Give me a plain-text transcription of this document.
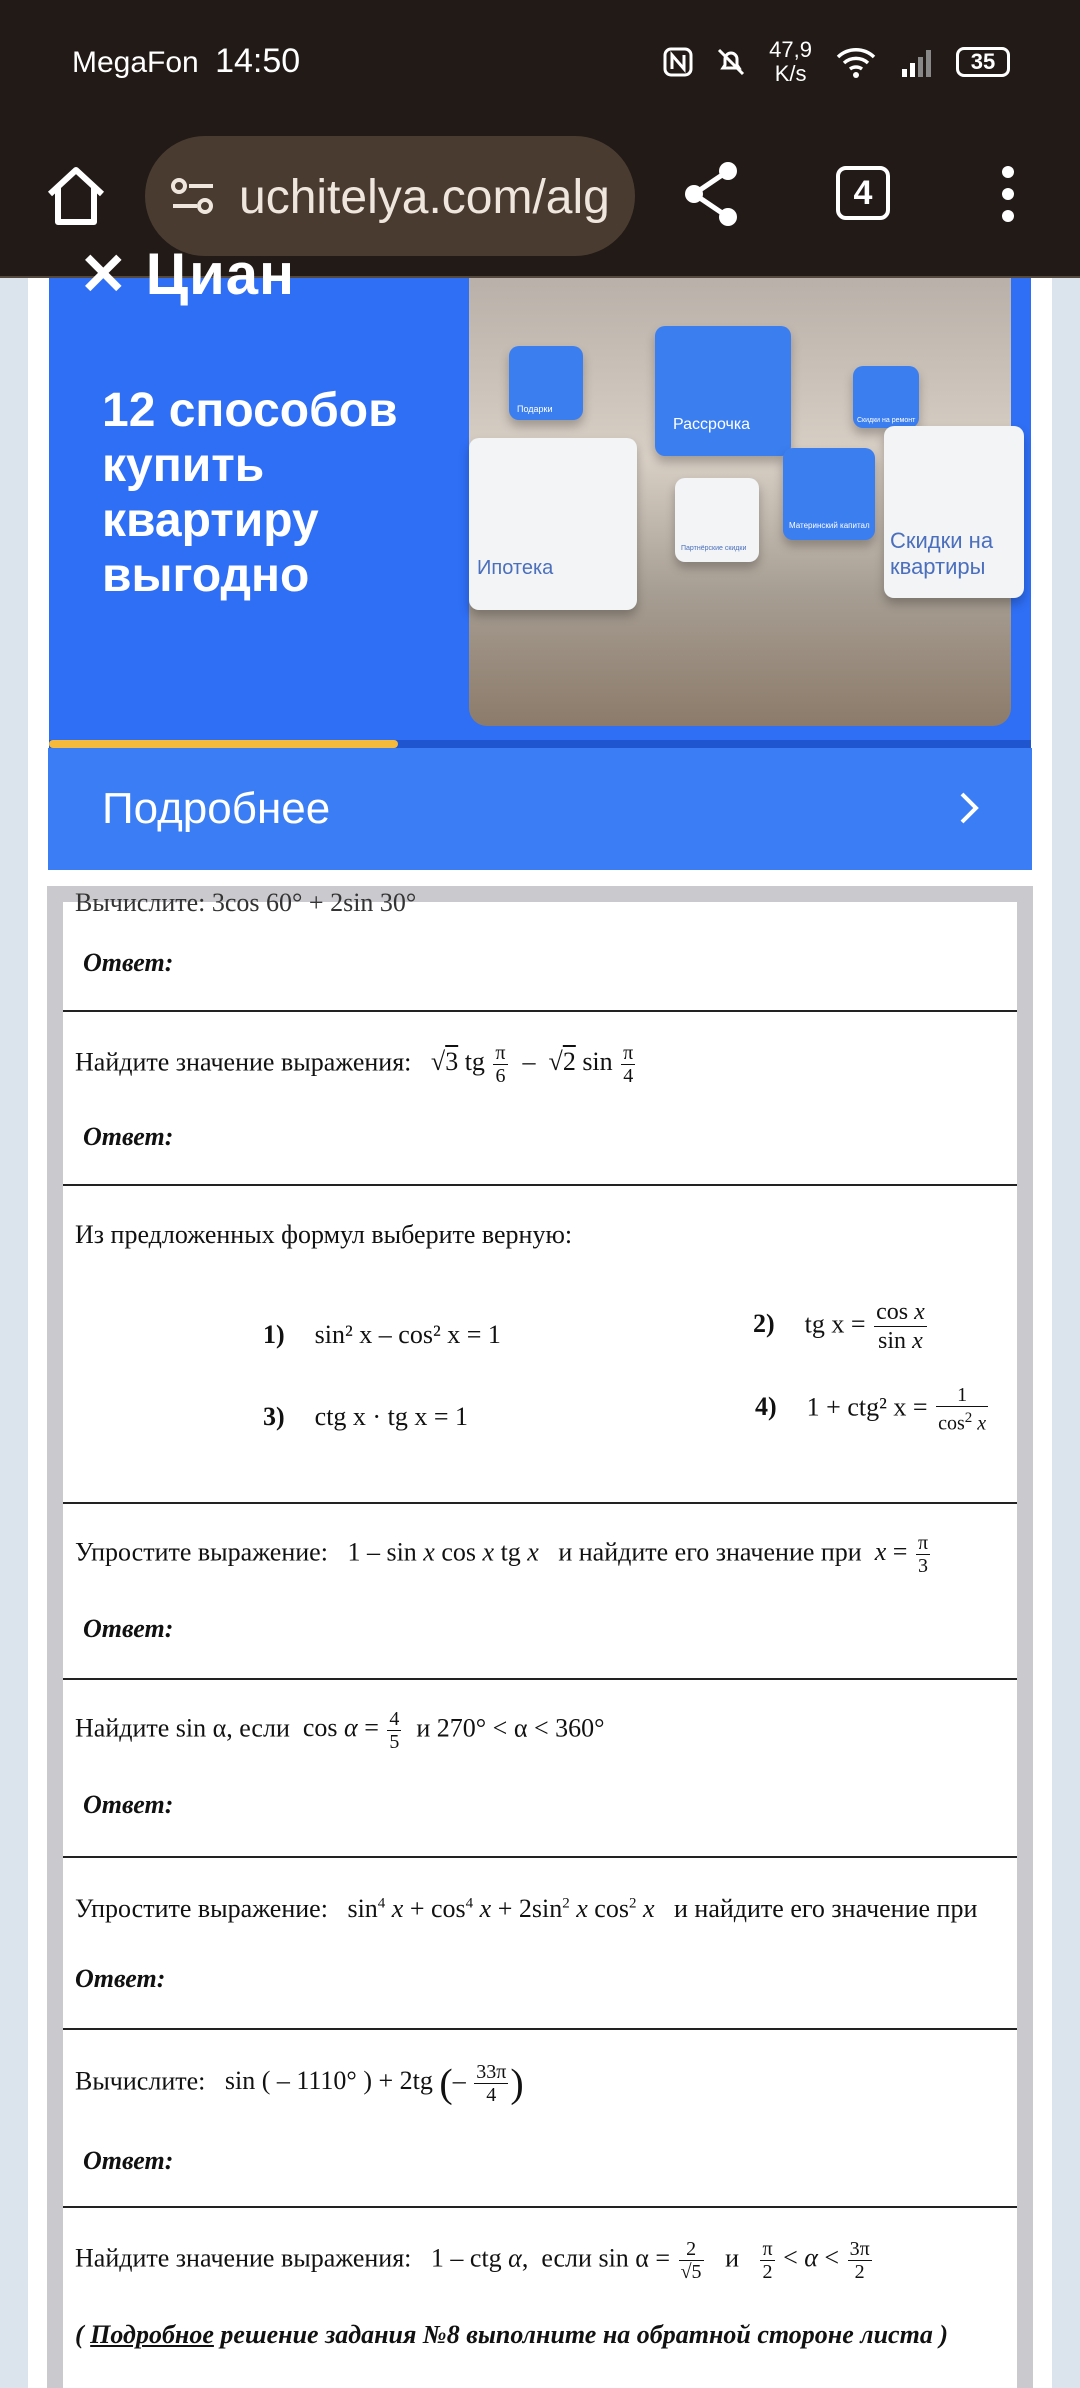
MegaFon 14:50	47,9
K/s	35
uchitelya.com/alg	4
✕ Циан
12 способов
купить
квартиру
выгодно
Подарки
Рассрочка	Скидки на ремонт
Ипотека
Партнёрские скидки
Материнский капитал
Скидки на квартиры
Подробнее
Вычислите: 3cos 60° + 2sin 30°
Ответ:
Найдите значение выражения: √3 tg $\frac{\pi}{6} - √2$ $\sin \frac{\pi}{4}$
Ответ:
Из предложенных формул выберите верную:
1) sin² x – cos² x = 1	2) tg $x = \frac{\text{cos x}}{\text{sin x}}$
3) ctg x · tg x = 1	4) 1 + ctg² $x = \frac{1}{\cos^2 x}$
Упростите выражение: 1 – sin x cos x tg x и найдите его значение при $x = \frac{\pi}{3}$
Ответ:
Найдите sin α, если $\cos \alpha = \frac{4}{5}$ и 270° < α < 360°
Ответ:
Упростите выражение: $\sin^4 x + \cos^4 x + 2\sin^2$ x $\cos^2 x$ и найдите его значение при
Ответ:
Вычислите: sin ( – 1110° ) + 2tg (– $\frac{33\pi}{4}$ )
Ответ:
Найдите значение выражения: 1 – ctg α, если $\sin \alpha = \frac{2}{√5}$ и $\frac{\pi}{2} < \alpha < \frac{3\pi}{2}$
( Подробное решение задания №8 выполните на обратной стороне листа )
